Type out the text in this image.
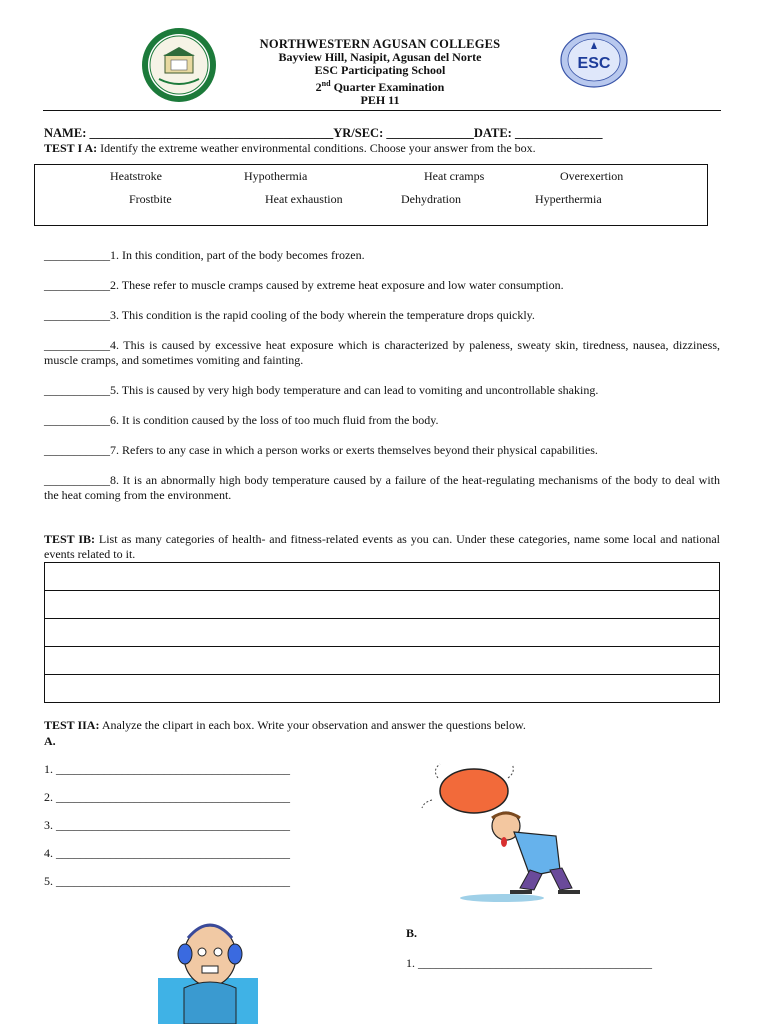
NORTHWESTERN AGUSAN COLLEGES
Bayview Hill, Nasipit, Agusan del Norte
ESC Participating School
2nd Quarter Examination
PEH 11
ESC
NAME: _______________________________________YR/SEC: ______________DATE: ______________
TEST I A: Identify the extreme weather environmental conditions. Choose your answer from the box.
Heatstroke	Hypothermia	Heat cramps	Overexertion
Frostbite	Heat exhaustion	Dehydration	Hyperthermia
___________1. In this condition, part of the body becomes frozen.
___________2. These refer to muscle cramps caused by extreme heat exposure and low water consumption.
___________3. This condition is the rapid cooling of the body wherein the temperature drops quickly.
___________4. This is caused by excessive heat exposure which is characterized by paleness, sweaty skin, tiredness, nausea, dizziness, muscle cramps, and sometimes vomiting and fainting.
___________5. This is caused by very high body temperature and can lead to vomiting and uncontrollable shaking.
___________6. It is condition caused by the loss of too much fluid from the body.
___________7. Refers to any case in which a person works or exerts themselves beyond their physical capabilities.
___________8. It is an abnormally high body temperature caused by a failure of the heat-regulating mechanisms of the body to deal with the heat coming from the environment.
TEST IB: List as many categories of health- and fitness-related events as you can. Under these categories, name some local and national events related to it.

TEST IIA: Analyze the clipart in each box. Write your observation and answer the questions below.
A.
1. _______________________________________
2. _______________________________________
3. _______________________________________
4. _______________________________________
5. _______________________________________
B.
1. _______________________________________
